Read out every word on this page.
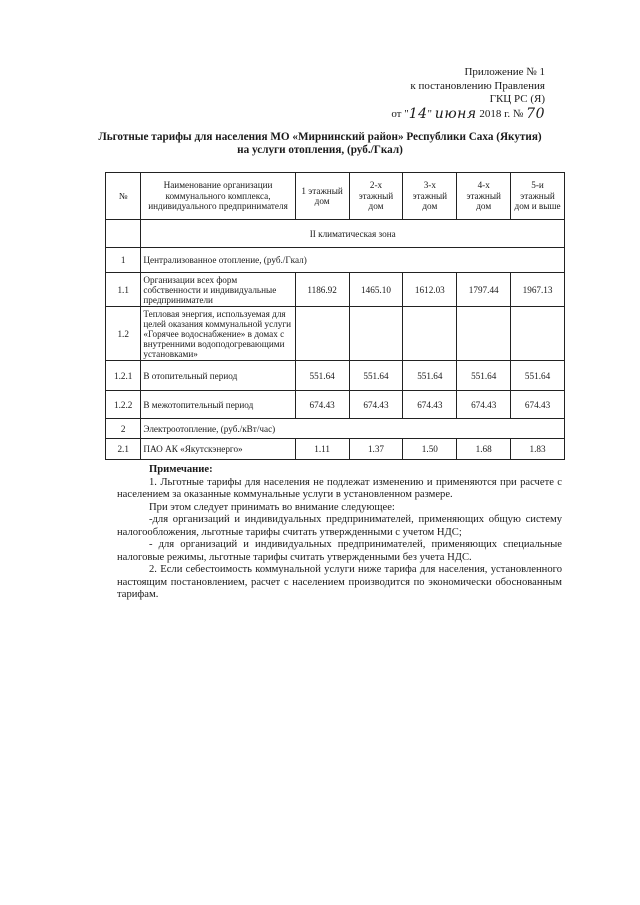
Приложение № 1
к постановлению Правления
ГКЦ РС (Я)
от "14" июня 2018 г. № 70
Льготные тарифы для населения МО «Мирнинский район» Республики Саха (Якутия)
на услуги отопления, (руб./Гкал)
№	Наименование организации коммунального комплекса, индивидуального предпринимателя	1 этажный дом	2-х этажный дом	3-х этажный дом	4-х этажный дом	5-и этажный дом и выше
	II климатическая зона					
1	Централизованное отопление, (руб./Гкал)					
1.1	Организации всех форм собственности и индивидуальные предприниматели	1186.92	1465.10	1612.03	1797.44	1967.13
1.2	Тепловая энергия, используемая для целей оказания коммунальной услуги «Горячее водоснабжение» в домах с внутренними водоподогревающими установками»					
1.2.1	В отопительный период	551.64	551.64	551.64	551.64	551.64
1.2.2	В межотопительный период	674.43	674.43	674.43	674.43	674.43
2	Электроотопление, (руб./кВт/час)					
2.1	ПАО АК «Якутскэнерго»	1.11	1.37	1.50	1.68	1.83
Примечание:

1. Льготные тарифы для населения не подлежат изменению и применяются при расчете с населением за оказанные коммунальные услуги в установленном размере.

При этом следует принимать во внимание следующее:

-для организаций и индивидуальных предпринимателей, применяющих общую систему налогообложения, льготные тарифы считать утвержденными с учетом НДС;

- для организаций и индивидуальных предпринимателей, применяющих специальные налоговые режимы, льготные тарифы считать утвержденными без учета НДС.

2. Если себестоимость коммунальной услуги ниже тарифа для населения, установленного настоящим постановлением, расчет с населением производится по экономически обоснованным тарифам.
